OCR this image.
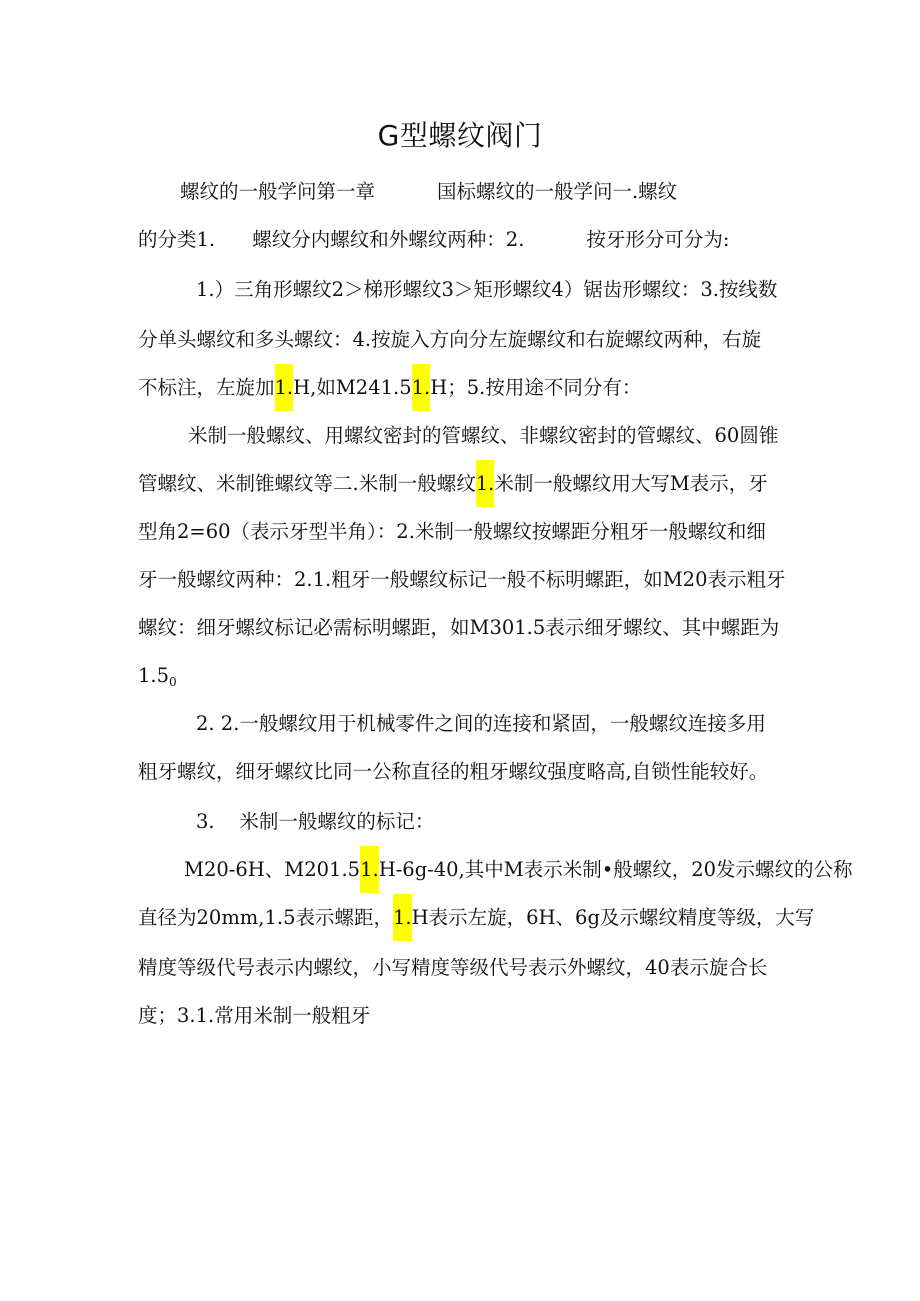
G型螺纹阀门
螺纹的一般学问第一章          国标螺纹的一般学问一.螺纹
的分类1.      螺纹分内螺纹和外螺纹两种：2.          按牙形分可分为:
1.）三角形螺纹2＞梯形螺纹3＞矩形螺纹4）锯齿形螺纹：3.按线数
分单头螺纹和多头螺纹：4.按旋入方向分左旋螺纹和右旋螺纹两种，右旋
不标注，左旋加1.H,如M241.51.H；5.按用途不同分有：
米制一般螺纹、用螺纹密封的管螺纹、非螺纹密封的管螺纹、60圆锥
管螺纹、米制锥螺纹等二.米制一般螺纹1.米制一般螺纹用大写M表示，牙
型角2=60（表示牙型半角）：2.米制一般螺纹按螺距分粗牙一般螺纹和细
牙一般螺纹两种：2.1.粗牙一般螺纹标记一般不标明螺距，如M20表示粗牙
螺纹：细牙螺纹标记必需标明螺距，如M301.5表示细牙螺纹、其中螺距为
$1.5_0$
2. 2.一般螺纹用于机械零件之间的连接和紧固，一般螺纹连接多用
粗牙螺纹，细牙螺纹比同一公称直径的粗牙螺纹强度略高,自锁性能较好。
3.    米制一般螺纹的标记：
M20-6H、M201.51.H-6g-40,其中M表示米制•般螺纹，20发示螺纹的公称
直径为20mm,1.5表示螺距，1.H表示左旋，6H、6g及示螺纹精度等级，大写
精度等级代号表示内螺纹，小写精度等级代号表示外螺纹，40表示旋合长
度；3.1.常用米制一般粗牙
